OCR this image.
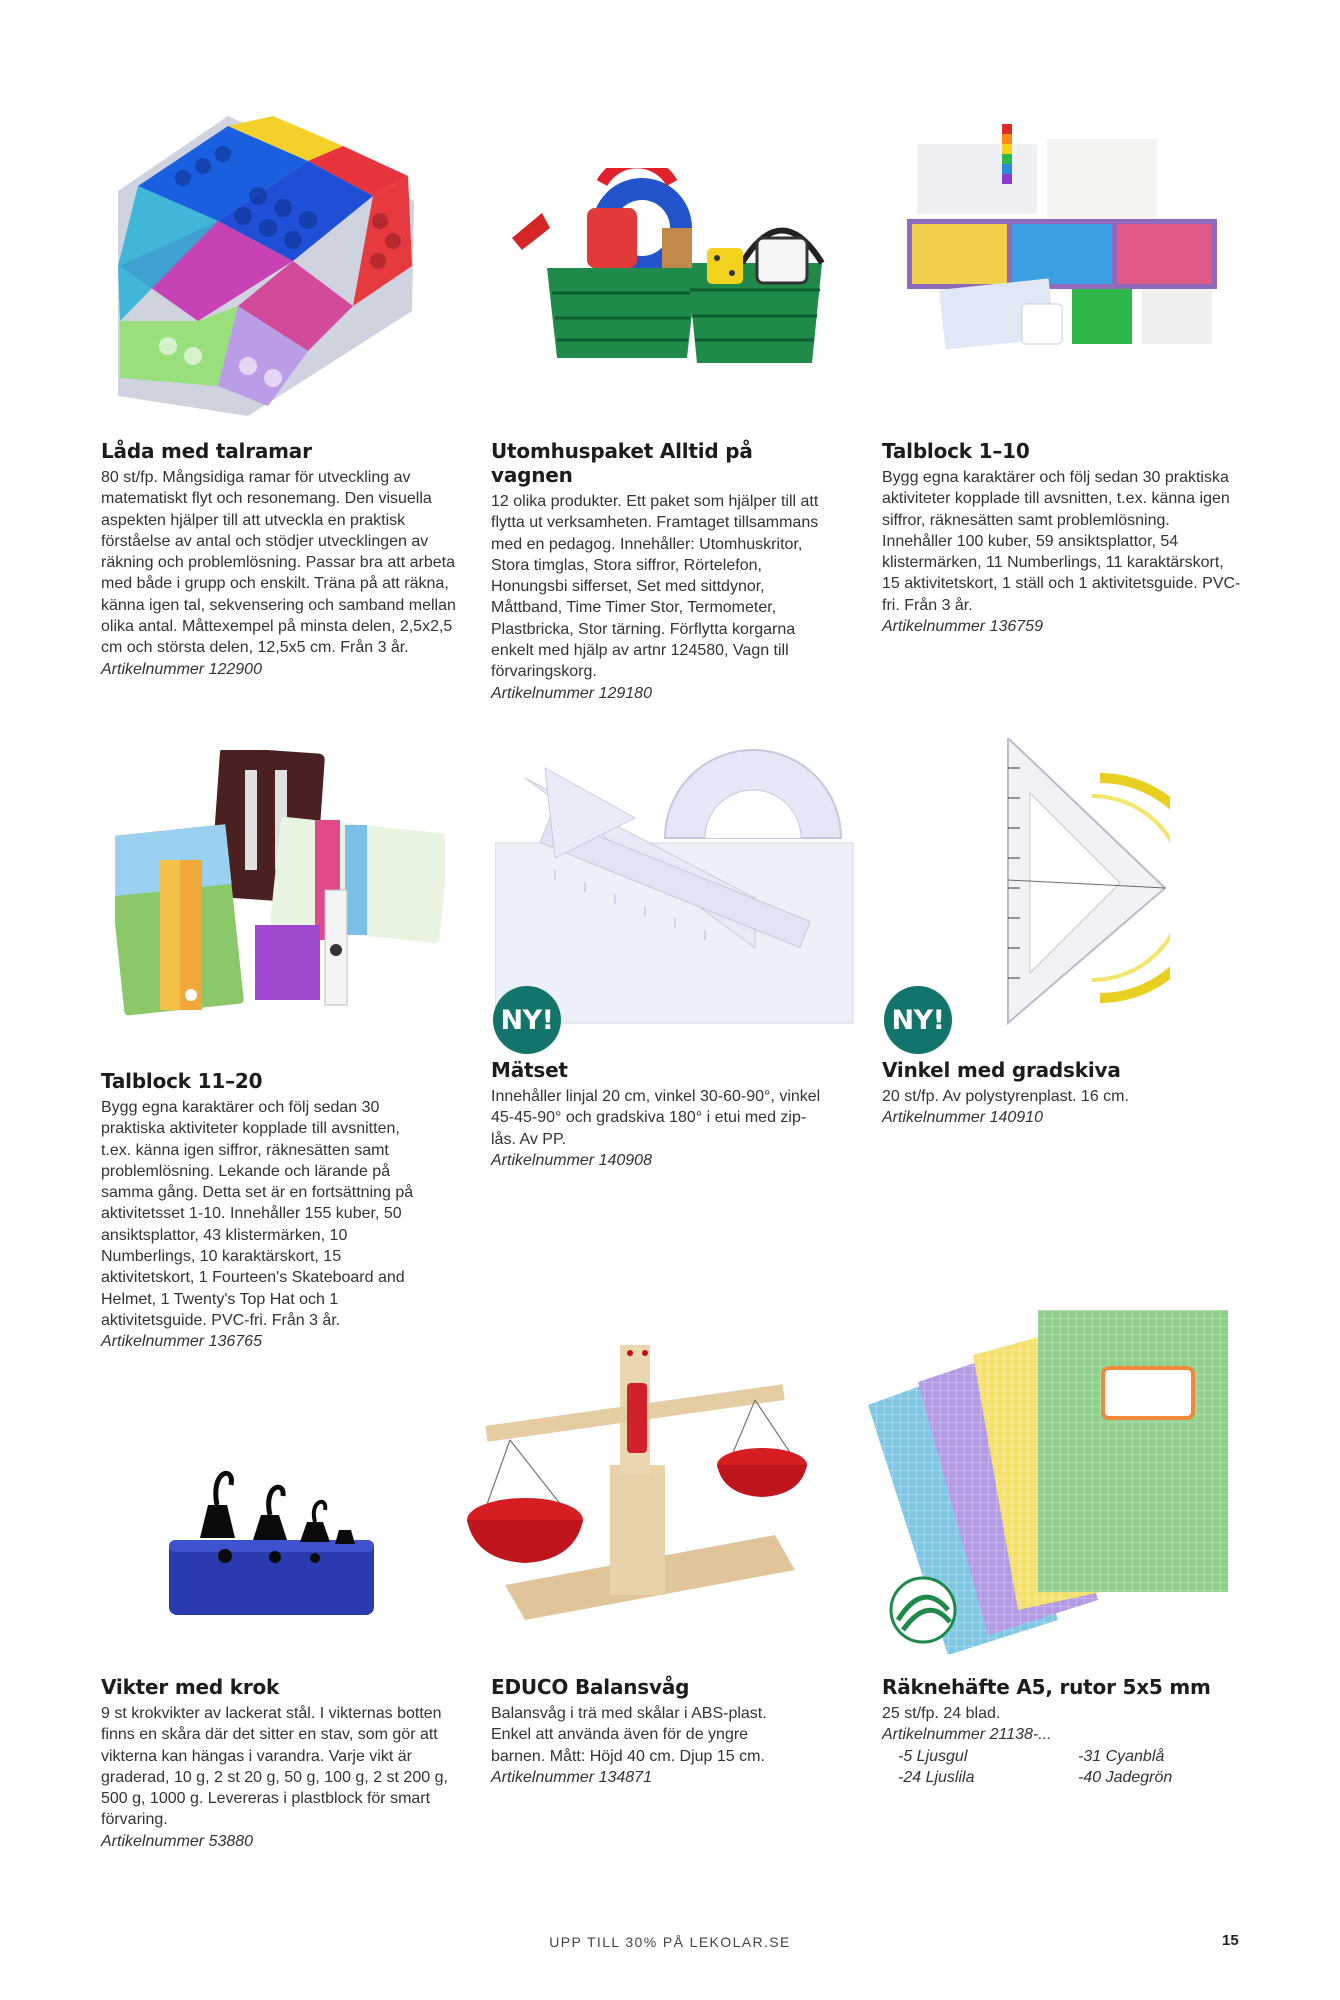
NY!	NY!
Låda med talramar

80 st/fp. Mångsidiga ramar för utveckling av matematiskt flyt och resonemang. Den visuella aspekten hjälper till att utveckla en praktisk förståelse av antal och stödjer utvecklingen av räkning och problemlösning. Passar bra att arbeta med både i grupp och enskilt. Träna på att räkna, känna igen tal, sekvensering och samband mellan olika antal. Måttexempel på minsta delen, 2,5x2,5 cm och största delen, 12,5x5 cm. Från 3 år.

Artikelnummer 122900

Utomhuspaket Alltid på vagnen

12 olika produkter. Ett paket som hjälper till att flytta ut verksamheten. Framtaget tillsammans med en pedagog. Innehåller: Utomhuskritor, Stora timglas, Stora siffror, Rörtelefon, Honungsbi sifferset, Set med sittdynor, Måttband, Time Timer Stor, Termometer, Plastbricka, Stor tärning. Förflytta korgarna enkelt med hjälp av artnr 124580, Vagn till förvaringskorg.

Artikelnummer 129180

Talblock 1–10

Bygg egna karaktärer och följ sedan 30 praktiska aktiviteter kopplade till avsnitten, t.ex. känna igen siffror, räknesätten samt problemlösning. Innehåller 100 kuber, 59 ansiktsplattor, 54 klistermärken, 11 Numberlings, 11 karaktärskort, 15 aktivitetskort, 1 ställ och 1 aktivitetsguide. PVC-fri. Från 3 år.

Artikelnummer 136759

Talblock 11–20

Bygg egna karaktärer och följ sedan 30 praktiska aktiviteter kopplade till avsnitten, t.ex. känna igen siffror, räknesätten samt problemlösning. Lekande och lärande på samma gång. Detta set är en fortsättning på aktivitetsset 1-10. Innehåller 155 kuber, 50 ansiktsplattor, 43 klistermärken, 10 Numberlings, 10 karaktärskort, 15 aktivitetskort, 1 Fourteen's Skateboard and Helmet, 1 Twenty's Top Hat och 1 aktivitetsguide. PVC-fri. Från 3 år.

Artikelnummer 136765

Mätset

Innehåller linjal 20 cm, vinkel 30-60-90°, vinkel 45-45-90° och gradskiva 180° i etui med zip-lås. Av PP.

Artikelnummer 140908

Vinkel med gradskiva

20 st/fp. Av polystyrenplast. 16 cm.

Artikelnummer 140910

Vikter med krok

9 st krokvikter av lackerat stål. I vikternas botten finns en skåra där det sitter en stav, som gör att vikterna kan hängas i varandra. Varje vikt är graderad, 10 g, 2 st 20 g, 50 g, 100 g, 2 st 200 g, 500 g, 1000 g. Levereras i plastblock för smart förvaring.

Artikelnummer 53880

EDUCO Balansvåg

Balansvåg i trä med skålar i ABS-plast. Enkel att använda även för de yngre barnen. Mått: Höjd 40 cm. Djup 15 cm.

Artikelnummer 134871

Räknehäfte A5, rutor 5x5 mm

25 st/fp. 24 blad.

Artikelnummer 21138-...

-5 Ljusgul	-31 Cyanblå
-24 Ljuslila	-40 Jadegrön
UPP TILL 30% PÅ LEKOLAR.SE	15
